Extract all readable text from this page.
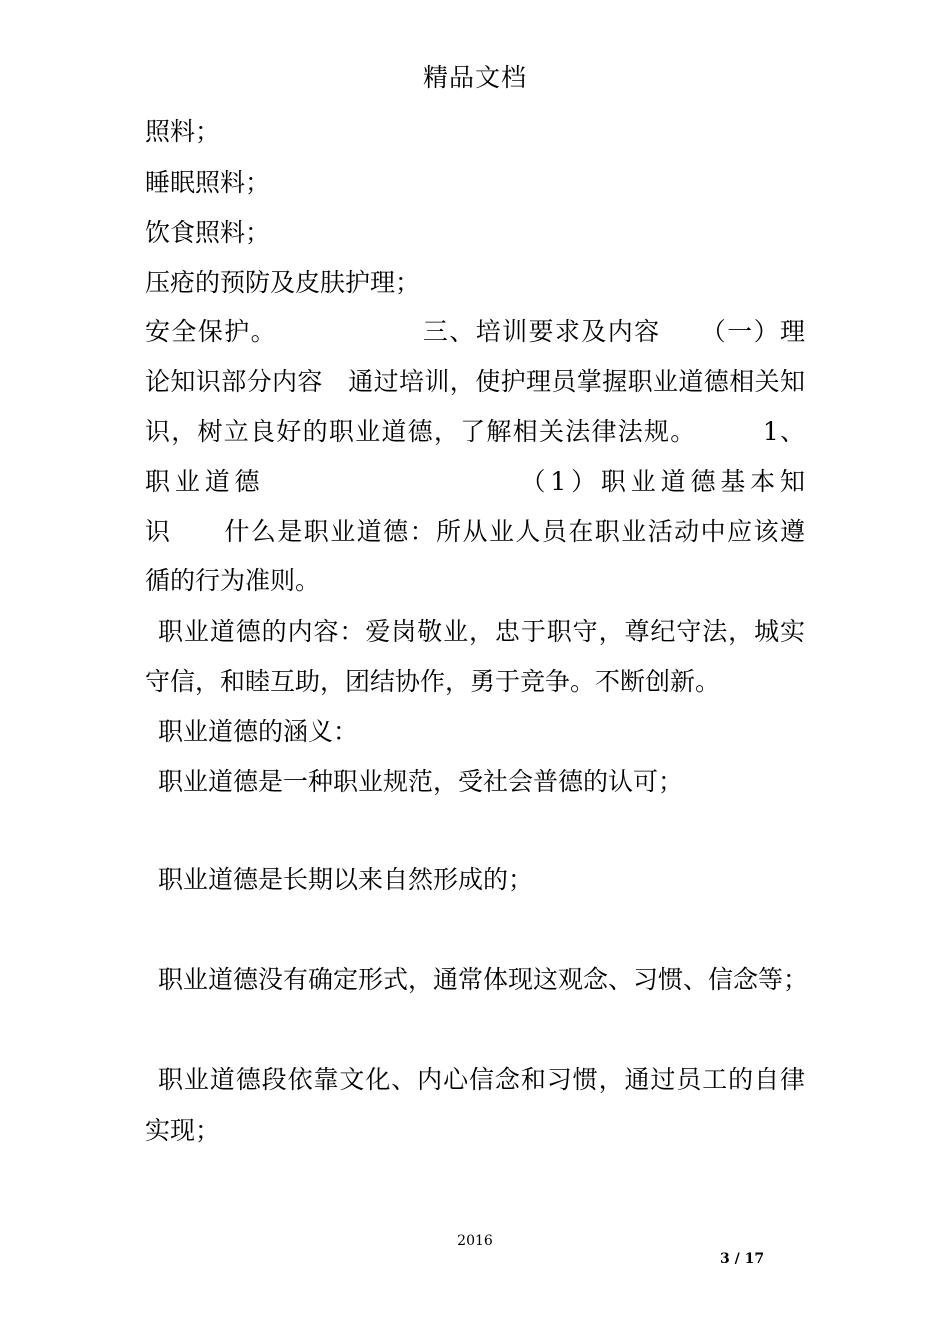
精品文档
照料；
睡眠照料；
饮食照料；
压疮的预防及皮肤护理；
安全保护。　　　　　　三、培训要求及内容　　（一）理
论知识部分内容　通过培训，使护理员掌握职业道德相关知
识，树立良好的职业道德，了解相关法律法规。　　　1、
职业道德　　　　　　　　　（1）职业道德基本知
识　　什么是职业道德：所从业人员在职业活动中应该遵
循的行为准则。
职业道德的内容：爱岗敬业，忠于职守，尊纪守法，城实
守信，和睦互助，团结协作，勇于竞争。不断创新。
职业道德的涵义：
职业道德是一种职业规范，受社会普德的认可；
职业道德是长期以来自然形成的；
职业道德没有确定形式，通常体现这观念、习惯、信念等；
职业道德段依靠文化、内心信念和习惯，通过员工的自律
实现；
2016
3 / 17
